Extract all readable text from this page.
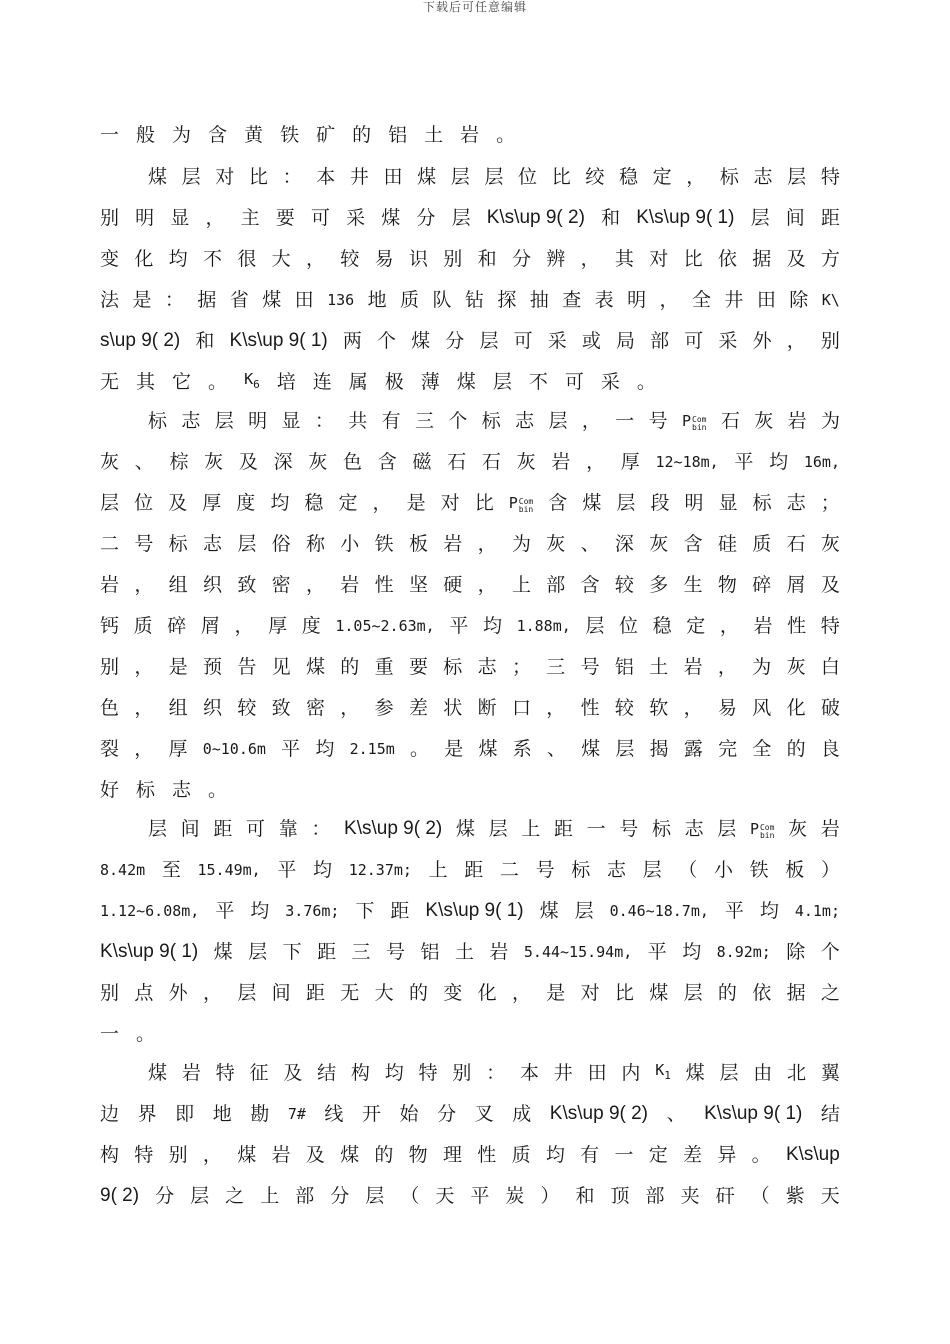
下载后可任意编辑
一 般 为 含 黄 铁 矿 的 铝 土 岩 。
煤 层 对 比 ： 本 井 田 煤 层 层 位 比 绞 稳 定 ， 标 志 层 特
别 明 显 ， 主 要 可 采 煤 分 层 K\s\up 9( 2) 和 K\s\up 9( 1) 层 间 距
变 化 均 不 很 大 ， 较 易 识 别 和 分 辨 ， 其 对 比 依 据 及 方
法 是 ： 据 省 煤 田 136 地 质 队 钻 探 抽 查 表 明 ， 全 井 田 除 K\
s\up 9( 2) 和 K\s\up 9( 1) 两 个 煤 分 层 可 采 或 局 部 可 采 外 ， 别
无 其 它 。 $K_6$ 培 连 属 极 薄 煤 层 不 可 采 。
标 志 层 明 显 ： 共 有 三 个 标 志 层 ， 一 号 P Com
bin 石 灰 岩 为
灰 、 棕 灰 及 深 灰 色 含 磁 石 石 灰 岩 ， 厚 12~18m, 平 均 16m,
层 位 及 厚 度 均 稳 定 ， 是 对 比 P Com
bin 含 煤 层 段 明 显 标 志 ；
二 号 标 志 层 俗 称 小 铁 板 岩 ， 为 灰 、 深 灰 含 硅 质 石 灰
岩 ， 组 织 致 密 ， 岩 性 坚 硬 ， 上 部 含 较 多 生 物 碎 屑 及
钙 质 碎 屑 ， 厚 度 1.05~2.63m, 平 均 1.88m, 层 位 稳 定 ， 岩 性 特
别 ， 是 预 告 见 煤 的 重 要 标 志 ； 三 号 铝 土 岩 ， 为 灰 白
色 ， 组 织 较 致 密 ， 参 差 状 断 口 ， 性 较 软 ， 易 风 化 破
裂 ， 厚 0~10.6m 平 均 2.15m 。 是 煤 系 、 煤 层 揭 露 完 全 的 良
好 标 志 。
层 间 距 可 靠 ： K\s\up 9( 2) 煤 层 上 距 一 号 标 志 层 P Com
bin 灰 岩
8.42m 至 15.49m, 平 均 12.37m; 上 距 二 号 标 志 层 （ 小 铁 板 ）
1.12~6.08m, 平 均 3.76m; 下 距 K\s\up 9( 1) 煤 层 0.46~18.7m, 平 均 4.1m;
K\s\up 9( 1) 煤 层 下 距 三 号 铝 土 岩 5.44~15.94m, 平 均 8.92m; 除 个
别 点 外 ， 层 间 距 无 大 的 变 化 ， 是 对 比 煤 层 的 依 据 之
一 。
煤 岩 特 征 及 结 构 均 特 别 ： 本 井 田 内 $K_1$ 煤 层 由 北 翼
边 界 即 地 勘 7# 线 开 始 分 叉 成 K\s\up 9( 2) 、 K\s\up 9( 1) 结
构 特 别 ， 煤 岩 及 煤 的 物 理 性 质 均 有 一 定 差 异 。 K\s\up
9( 2) 分 层 之 上 部 分 层 （ 天 平 炭 ） 和 顶 部 夹 矸 （ 紫 天
